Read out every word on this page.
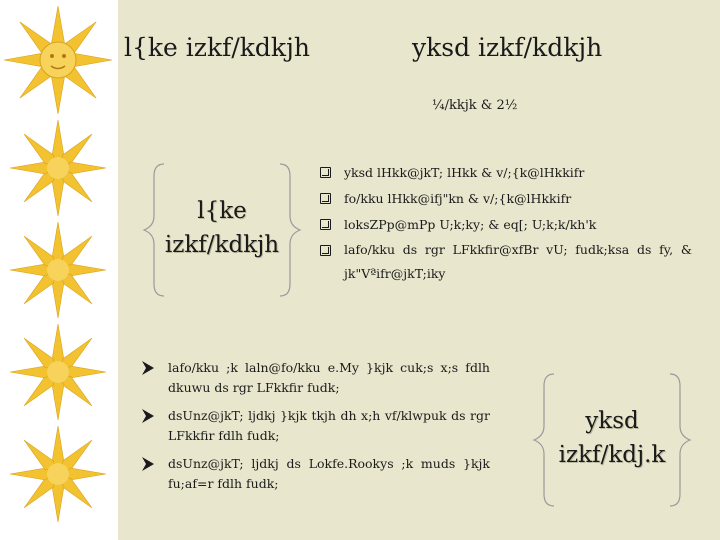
l{ke izkf/kdkjh	yksd izkf/kdkjh
¼/kkjk & 2½
l{ke
izkf/kdkjh
yksd lHkk@jkT; lHkk & v/;{k@lHkkifr
fo/kku lHkk@ifj"kn & v/;{k@lHkkifr
loksZPp@mPp U;k;ky; & eq[; U;k;k/kh'k
lafo/kku ds rgr LFkkfir@xfBr vU; fudk;ksa ds fy, & jk"Vªifr@jkT;iky
lafo/kku ;k laln@fo/kku e.My }kjk cuk;s x;s fdlh dkuwu ds rgr LFkkfir fudk;
dsUnz@jkT; ljdkj }kjk tkjh dh x;h vf/klwpuk ds rgr LFkkfir fdlh fudk;
dsUnz@jkT; ljdkj ds Lokfe.Rookys ;k muds }kjk fu;af=r fdlh fudk;
yksd
izkf/kdj.k
